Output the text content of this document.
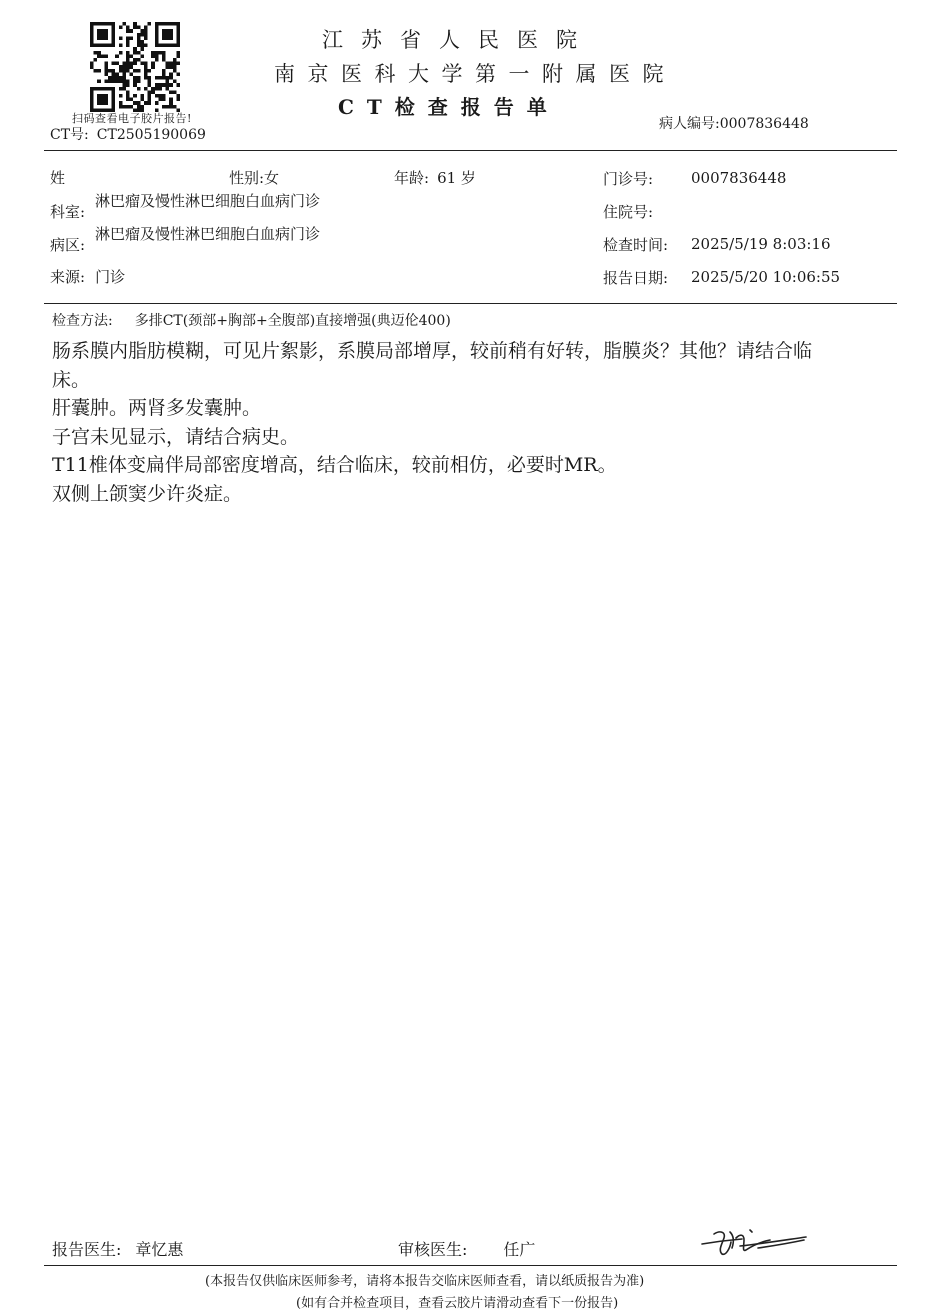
扫码查看电子胶片报告!
江苏省人民医院
南京医科大学第一附属医院
CT检查报告单
CT号: CT2505190069
病人编号:0007836448
姓	性别:女	年龄: 61 岁	门诊号:	0007836448
科室:
淋巴瘤及慢性淋巴细胞白血病门诊
住院号:
病区:
淋巴瘤及慢性淋巴细胞白血病门诊
检查时间: 2025/5/19 8:03:16
来源: 门诊	报告日期: 2025/5/20 10:06:55
检查方法: 多排CT(颈部+胸部+全腹部)直接增强(典迈伦400)

肠系膜内脂肪模糊，可见片絮影，系膜局部增厚，较前稍有好转，脂膜炎？其他？请结合临床。

肝囊肿。两肾多发囊肿。

子宫未见显示，请结合病史。

T11椎体变扁伴局部密度增高，结合临床，较前相仿，必要时MR。

双侧上颌窦少许炎症。

报告医生: 章忆惠	审核医生: 任广
(本报告仅供临床医师参考，请将本报告交临床医师查看，请以纸质报告为准)
(如有合并检查项目，查看云胶片请滑动查看下一份报告)
